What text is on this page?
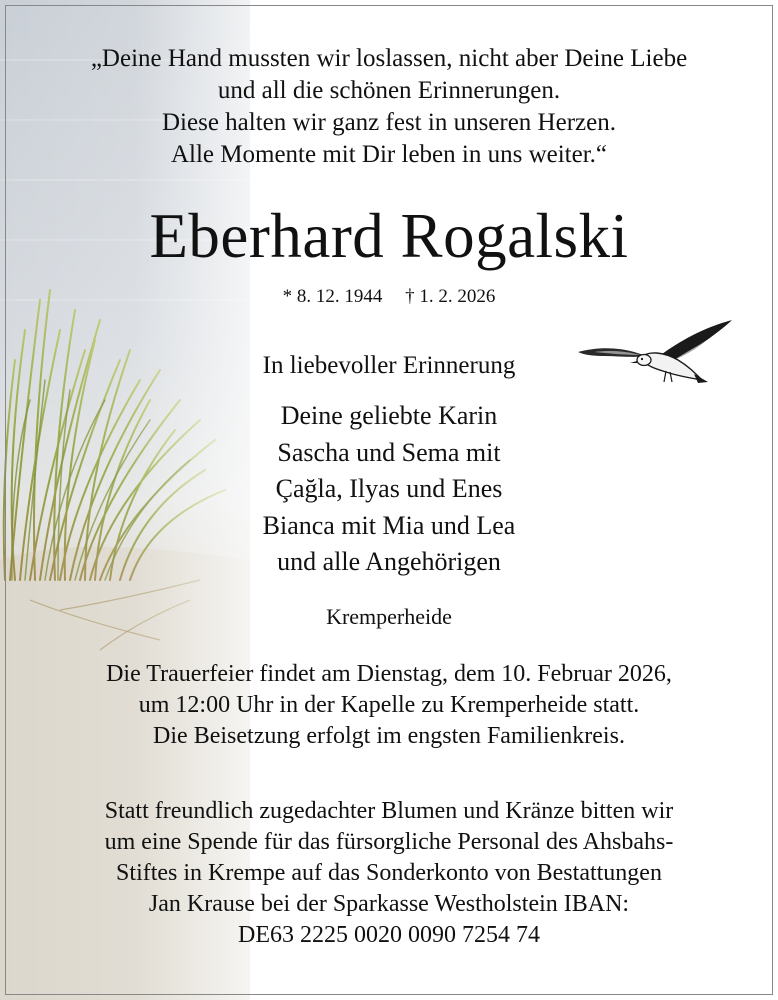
„Deine Hand mussten wir loslassen, nicht aber Deine Liebe
und all die schönen Erinnerungen.
Diese halten wir ganz fest in unseren Herzen.
Alle Momente mit Dir leben in uns weiter.“
Eberhard Rogalski
* 8. 12. 1944 † 1. 2. 2026
In liebevoller Erinnerung
Deine geliebte Karin
Sascha und Sema mit
Çağla, Ilyas und Enes
Bianca mit Mia und Lea
und alle Angehörigen
Kremperheide
Die Trauerfeier findet am Dienstag, dem 10. Februar 2026,
um 12:00 Uhr in der Kapelle zu Kremperheide statt.
Die Beisetzung erfolgt im engsten Familienkreis.
Statt freundlich zugedachter Blumen und Kränze bitten wir
um eine Spende für das fürsorgliche Personal des Ahsbahs-
Stiftes in Krempe auf das Sonderkonto von Bestattungen
Jan Krause bei der Sparkasse Westholstein IBAN:
DE63 2225 0020 0090 7254 74
